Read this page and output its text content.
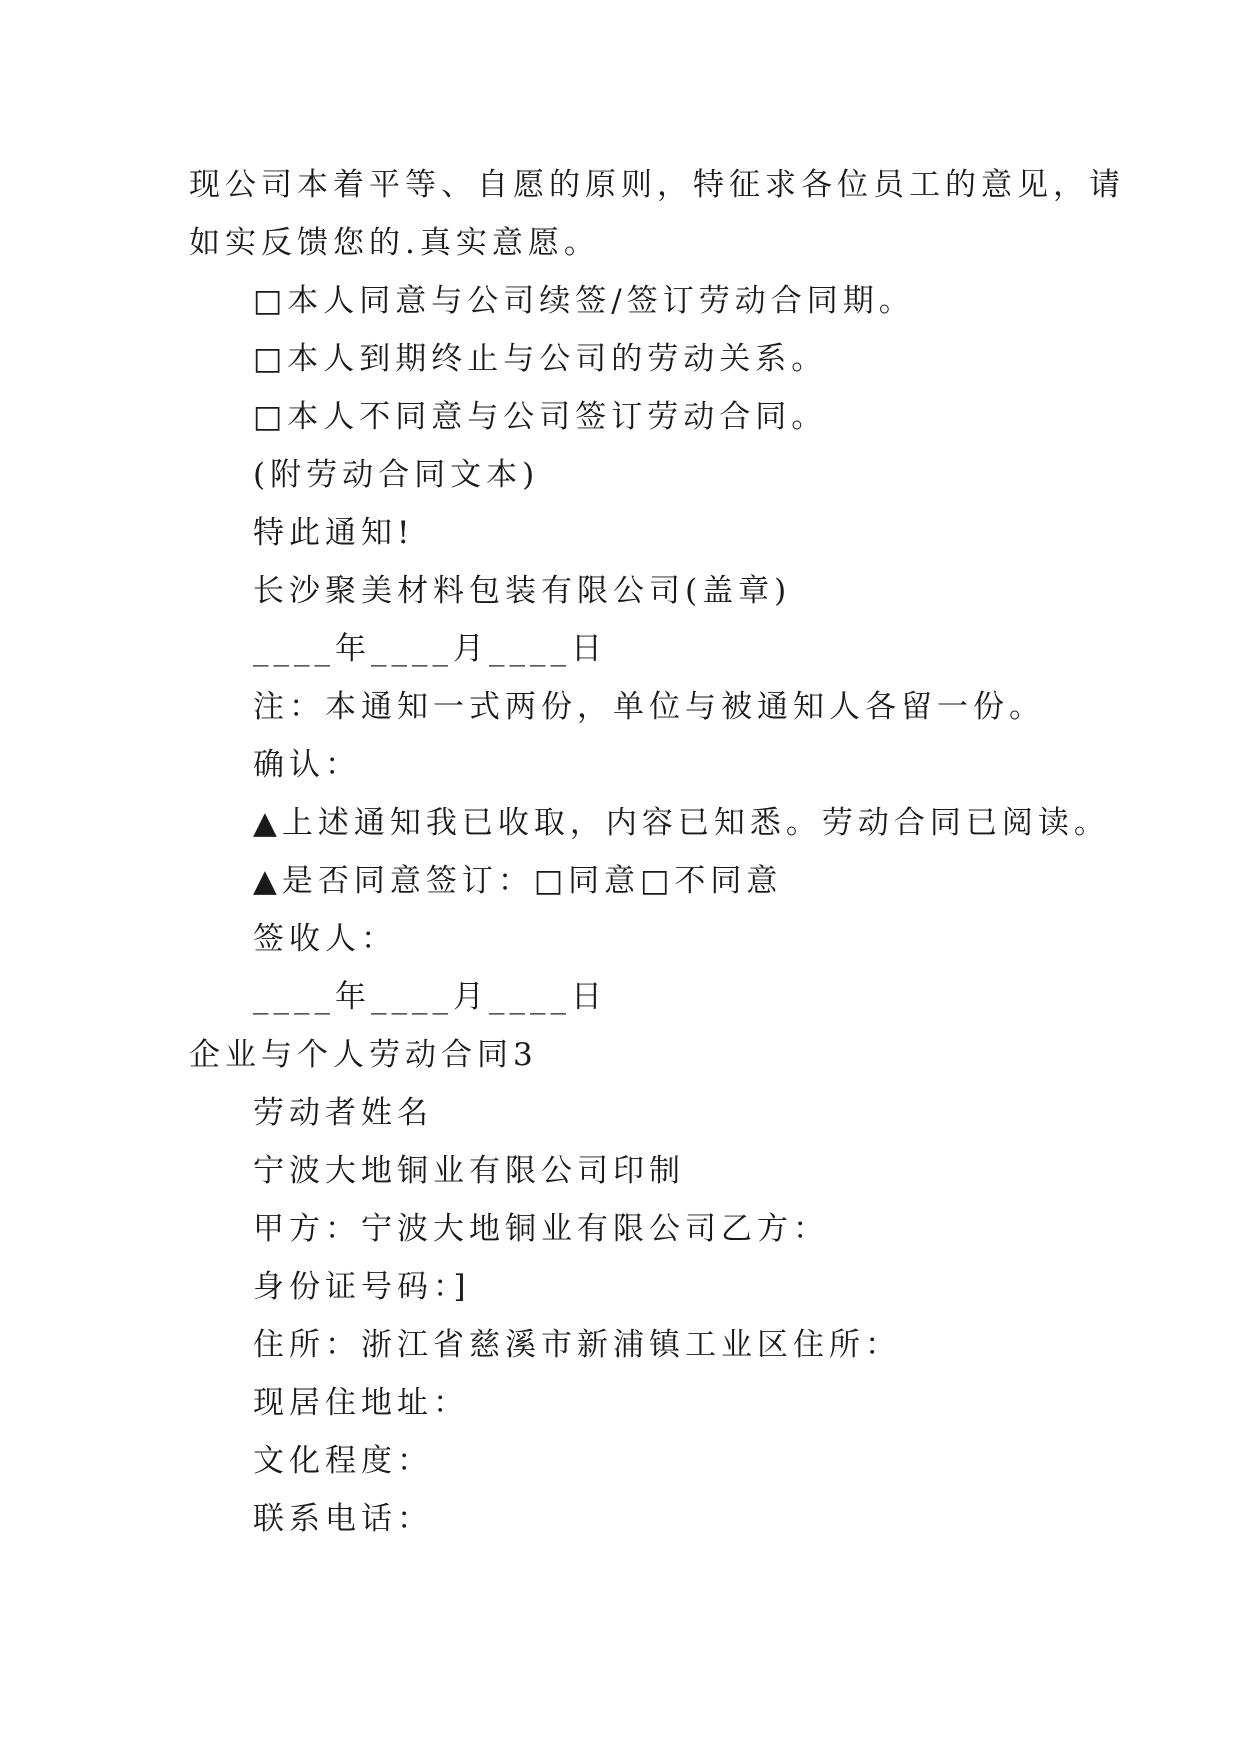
现公司本着平等、自愿的原则，特征求各位员工的意见，请
如实反馈您的.真实意愿。
□本人同意与公司续签/签订劳动合同期。
□本人到期终止与公司的劳动关系。
□本人不同意与公司签订劳动合同。
(附劳动合同文本)
特此通知!
长沙聚美材料包装有限公司(盖章)
____年____月____日
注：本通知一式两份，单位与被通知人各留一份。
确认：
▲上述通知我已收取，内容已知悉。劳动合同已阅读。
▲是否同意签订：□同意□不同意
签收人：
____年____月____日
企业与个人劳动合同3
劳动者姓名
宁波大地铜业有限公司印制
甲方：宁波大地铜业有限公司乙方：
身份证号码：]
住所：浙江省慈溪市新浦镇工业区住所：
现居住地址：
文化程度：
联系电话：
